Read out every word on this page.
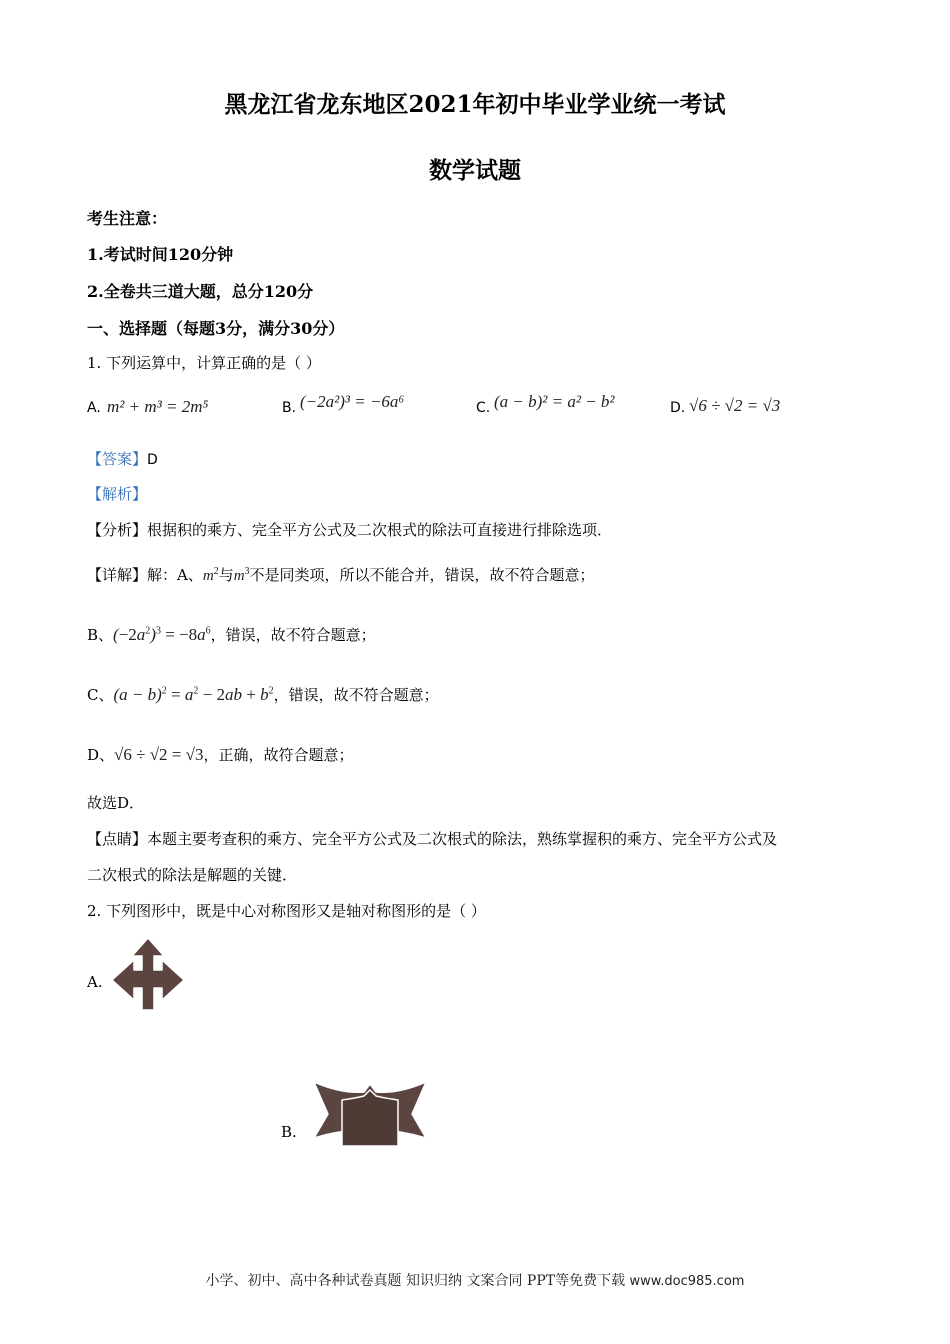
黑龙江省龙东地区2021年初中毕业学业统一考试
数学试题
考生注意：
1.考试时间120分钟
2.全卷共三道大题，总分120分
一、选择题（每题3分，满分30分）
1. 下列运算中，计算正确的是（ ）
A. m² + m³ = 2m⁵	B. (−2a²)³ = −6a⁶	C. (a − b)² = a² − b²	D. √6 ÷ √2 = √3
【答案】D
【解析】
【分析】根据积的乘方、完全平方公式及二次根式的除法可直接进行排除选项．
【详解】解：A、$m^2$与$m^3$不是同类项，所以不能合并，错误，故不符合题意；
B、$(-2a^2)^3 = -8a^6$，错误，故不符合题意；
C、$(a - b)^2 = a^2 - 2ab + b^2$，错误，故不符合题意；
D、√6 ÷ √2 = √3，正确，故符合题意；
故选D．
【点睛】本题主要考查积的乘方、完全平方公式及二次根式的除法，熟练掌握积的乘方、完全平方公式及
二次根式的除法是解题的关键．
2. 下列图形中，既是中心对称图形又是轴对称图形的是（ ）
A.
B.
小学、初中、高中各种试卷真题 知识归纳 文案合同 PPT等免费下载 www.doc985.com
